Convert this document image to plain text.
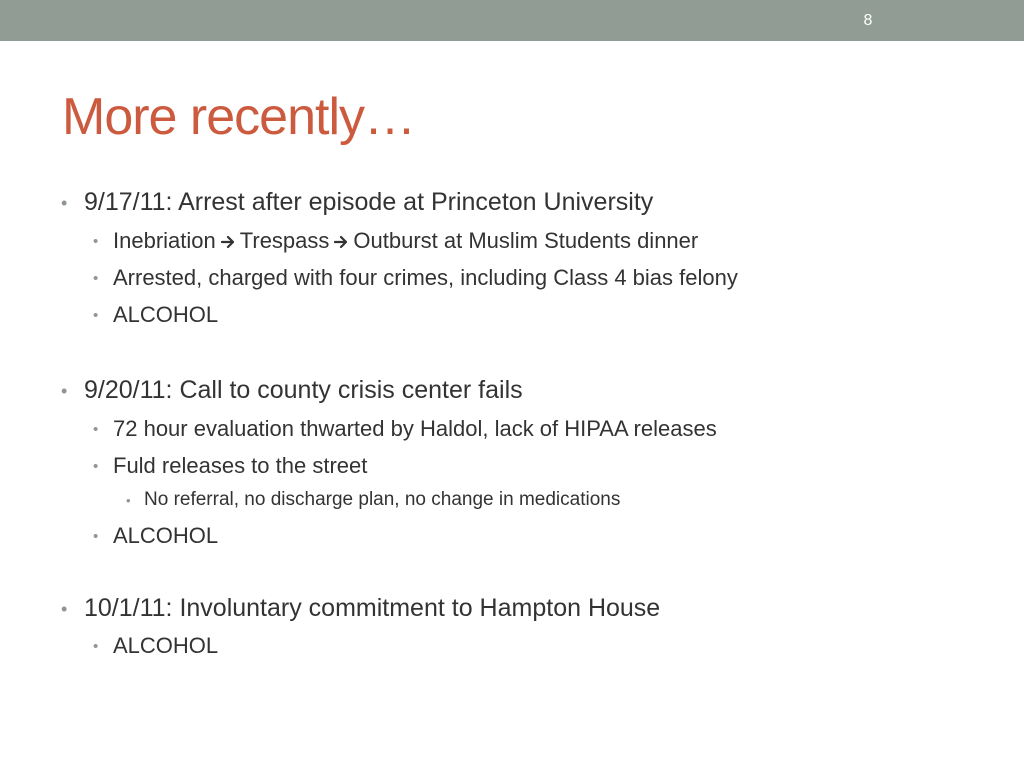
8
More recently…
• 9/17/11: Arrest after episode at Princeton University
• Inebriation Trespass Outburst at Muslim Students dinner
• Arrested, charged with four crimes, including Class 4 bias felony
• ALCOHOL
• 9/20/11: Call to county crisis center fails
• 72 hour evaluation thwarted by Haldol, lack of HIPAA releases
• Fuld releases to the street
• No referral, no discharge plan, no change in medications
• ALCOHOL
• 10/1/11: Involuntary commitment to Hampton House
• ALCOHOL
